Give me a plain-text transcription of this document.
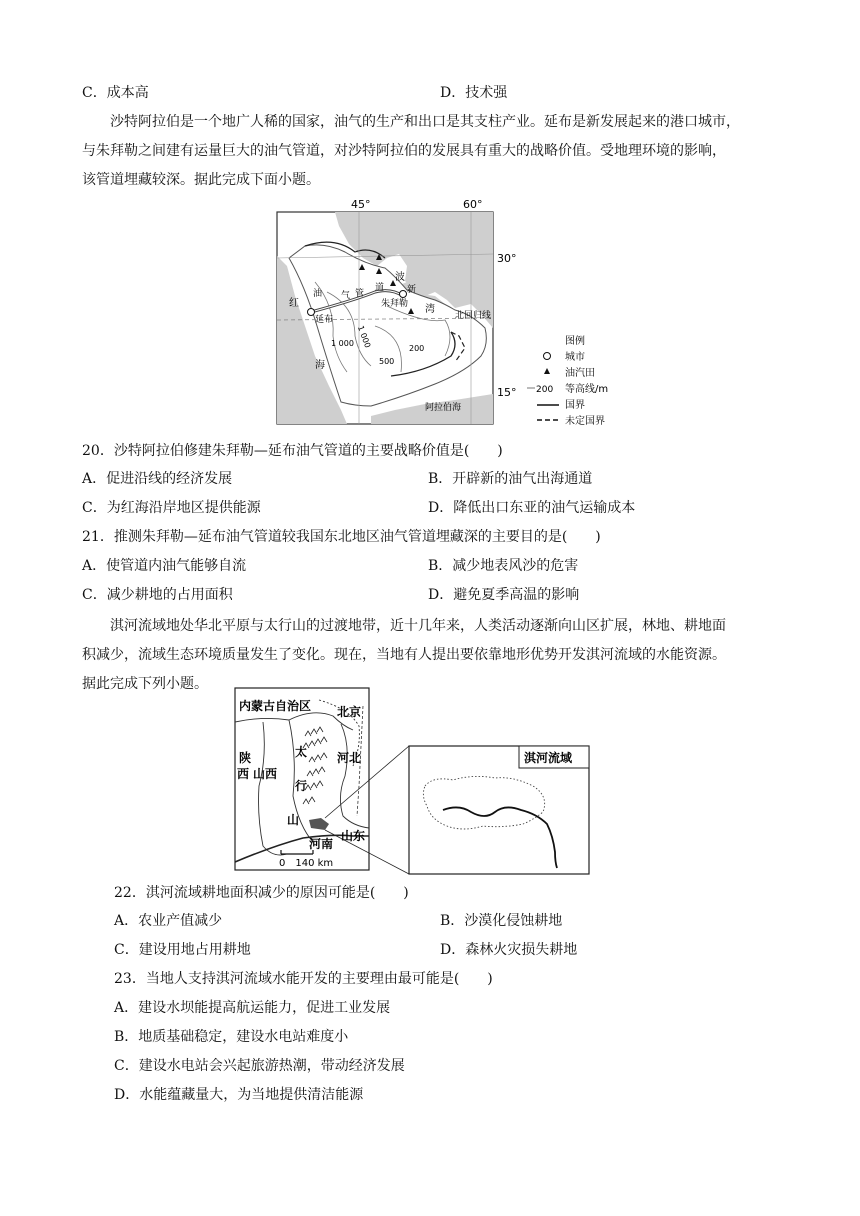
C．成本高	D．技术强
沙特阿拉伯是一个地广人稀的国家，油气的生产和出口是其支柱产业。延布是新发展起来的港口城市，
与朱拜勒之间建有运量巨大的油气管道，对沙特阿拉伯的发展具有重大的战略价值。受地理环境的影响，
该管道埋藏较深。据此完成下面小题。
45°	60°
30°
15°
波
湾
红
海
油 气 管
道
延布
新
朱拜勒
北回归线
阿拉伯海
1 000 1 000
500
200
图例
城市
油汽田
200 等高线/m
国界
未定国界
20．沙特阿拉伯修建朱拜勒—延布油气管道的主要战略价值是(　　)
A．促进沿线的经济发展	B．开辟新的油气出海通道
C．为红海沿岸地区提供能源	D．降低出口东亚的油气运输成本
21．推测朱拜勒—延布油气管道较我国东北地区油气管道埋藏深的主要目的是(　　)
A．使管道内油气能够自流	B．减少地表风沙的危害
C．减少耕地的占用面积	D．避免夏季高温的影响
淇河流域地处华北平原与太行山的过渡地带，近十几年来，人类活动逐渐向山区扩展，林地、耕地面
积减少，流域生态环境质量发生了变化。现在，当地有人提出要依靠地形优势开发淇河流域的水能资源。
据此完成下列小题。
内蒙古自治区 北京
陕
西 山西
河北
太
行
山
山东
河南
0　140 km
淇河流域
22．淇河流域耕地面积减少的原因可能是(　　)
A．农业产值减少	B．沙漠化侵蚀耕地
C．建设用地占用耕地	D．森林火灾损失耕地
23．当地人支持淇河流域水能开发的主要理由最可能是(　　)
A．建设水坝能提高航运能力，促进工业发展
B．地质基础稳定，建设水电站难度小
C．建设水电站会兴起旅游热潮，带动经济发展
D．水能蕴藏量大，为当地提供清洁能源
